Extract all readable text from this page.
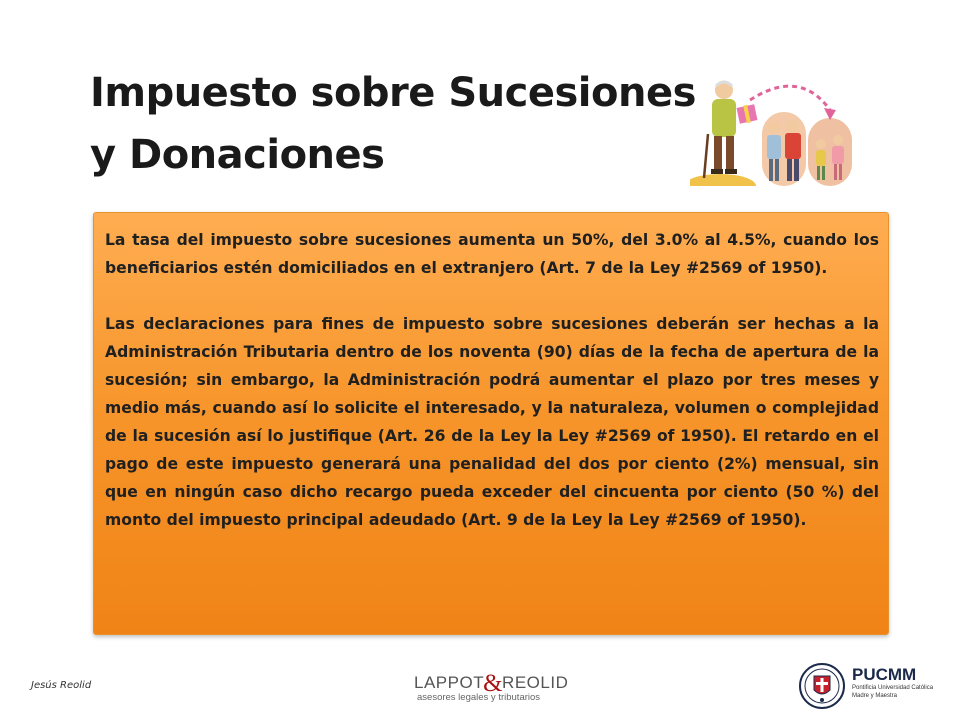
Impuesto sobre Sucesiones
y Donaciones

La tasa del impuesto sobre sucesiones aumenta un 50%, del 3.0% al 4.5%, cuando los beneficiarios estén domiciliados en el extranjero (Art. 7 de la Ley #2569 of 1950).

Las declaraciones para fines de impuesto sobre sucesiones deberán ser hechas a la Administración Tributaria dentro de los noventa (90) días de la fecha de apertura de la sucesión; sin embargo, la Administración podrá aumentar el plazo por tres meses y medio más, cuando así lo solicite el interesado, y la naturaleza, volumen o complejidad de la sucesión así lo justifique (Art. 26 de la Ley la Ley #2569 of 1950). El retardo en el pago de este impuesto generará una penalidad del dos por ciento (2%) mensual, sin que en ningún caso dicho recargo pueda exceder del cincuenta por ciento (50 %) del monto del impuesto principal adeudado (Art. 9 de la Ley la Ley #2569 of 1950).

Jesús Reolid	LAPPOT&REOLID
asesores legales y tributarios
PUCMM
Pontificia Universidad Católica Madre y Maestra
